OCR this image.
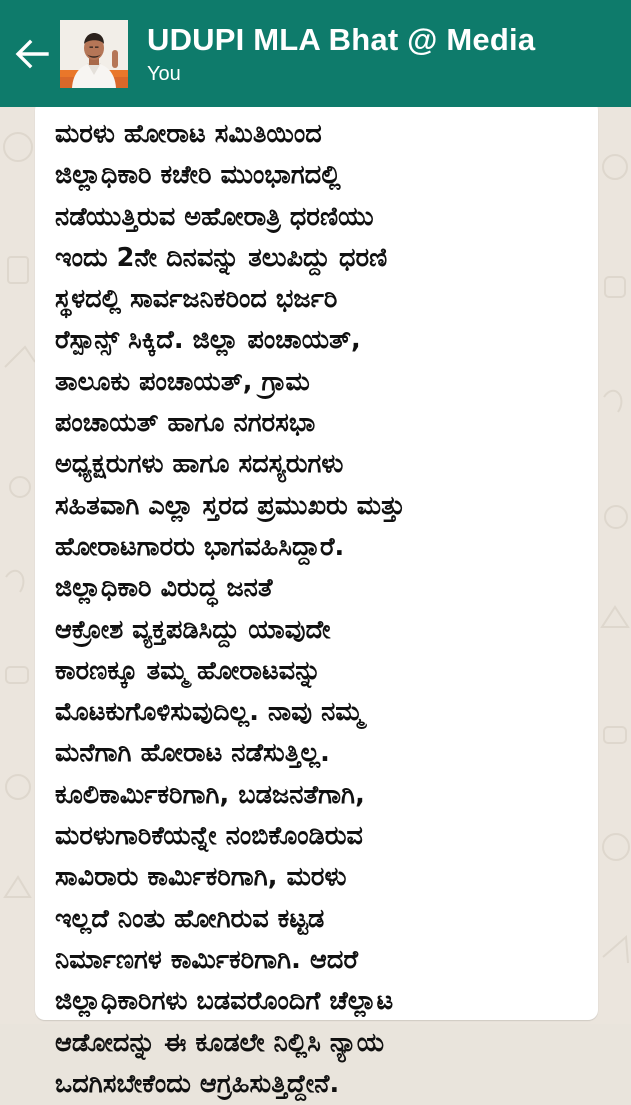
UDUPI MLA Bhat @ Media
You
ಮರಳು ಹೋರಾಟ ಸಮಿತಿಯಿಂದ
ಜಿಲ್ಲಾಧಿಕಾರಿ ಕಚೇರಿ ಮುಂಭಾಗದಲ್ಲಿ
ನಡೆಯುತ್ತಿರುವ ಅಹೋರಾತ್ರಿ ಧರಣಿಯು
ಇಂದು 2ನೇ ದಿನವನ್ನು ತಲುಪಿದ್ದು ಧರಣಿ
ಸ್ಥಳದಲ್ಲಿ ಸಾರ್ವಜನಿಕರಿಂದ ಭರ್ಜರಿ
ರೆಸ್ಪಾನ್ಸ್ ಸಿಕ್ಕಿದೆ. ಜಿಲ್ಲಾ ಪಂಚಾಯತ್,
ತಾಲೂಕು ಪಂಚಾಯತ್, ಗ್ರಾಮ
ಪಂಚಾಯತ್ ಹಾಗೂ ನಗರಸಭಾ
ಅಧ್ಯಕ್ಷರುಗಳು ಹಾಗೂ ಸದಸ್ಯರುಗಳು
ಸಹಿತವಾಗಿ ಎಲ್ಲಾ ಸ್ತರದ ಪ್ರಮುಖರು ಮತ್ತು
ಹೋರಾಟಗಾರರು ಭಾಗವಹಿಸಿದ್ದಾರೆ.
ಜಿಲ್ಲಾಧಿಕಾರಿ ವಿರುದ್ಧ ಜನತೆ
ಆಕ್ರೋಶ ವ್ಯಕ್ತಪಡಿಸಿದ್ದು ಯಾವುದೇ
ಕಾರಣಕ್ಕೂ ತಮ್ಮ ಹೋರಾಟವನ್ನು
ಮೊಟಕುಗೊಳಿಸುವುದಿಲ್ಲ. ನಾವು ನಮ್ಮ
ಮನೆಗಾಗಿ ಹೋರಾಟ ನಡೆಸುತ್ತಿಲ್ಲ.
ಕೂಲಿಕಾರ್ಮಿಕರಿಗಾಗಿ, ಬಡಜನತೆಗಾಗಿ,
ಮರಳುಗಾರಿಕೆಯನ್ನೇ ನಂಬಿಕೊಂಡಿರುವ
ಸಾವಿರಾರು ಕಾರ್ಮಿಕರಿಗಾಗಿ, ಮರಳು
ಇಲ್ಲದೆ ನಿಂತು ಹೋಗಿರುವ ಕಟ್ಟಡ
ನಿರ್ಮಾಣಗಳ ಕಾರ್ಮಿಕರಿಗಾಗಿ. ಆದರೆ
ಜಿಲ್ಲಾಧಿಕಾರಿಗಳು ಬಡವರೊಂದಿಗೆ ಚೆಲ್ಲಾಟ
ಆಡೋದನ್ನು ಈ ಕೂಡಲೇ ನಿಲ್ಲಿಸಿ ನ್ಯಾಯ
ಒದಗಿಸಬೇಕೆಂದು ಆಗ್ರಹಿಸುತ್ತಿದ್ದೇನೆ.
